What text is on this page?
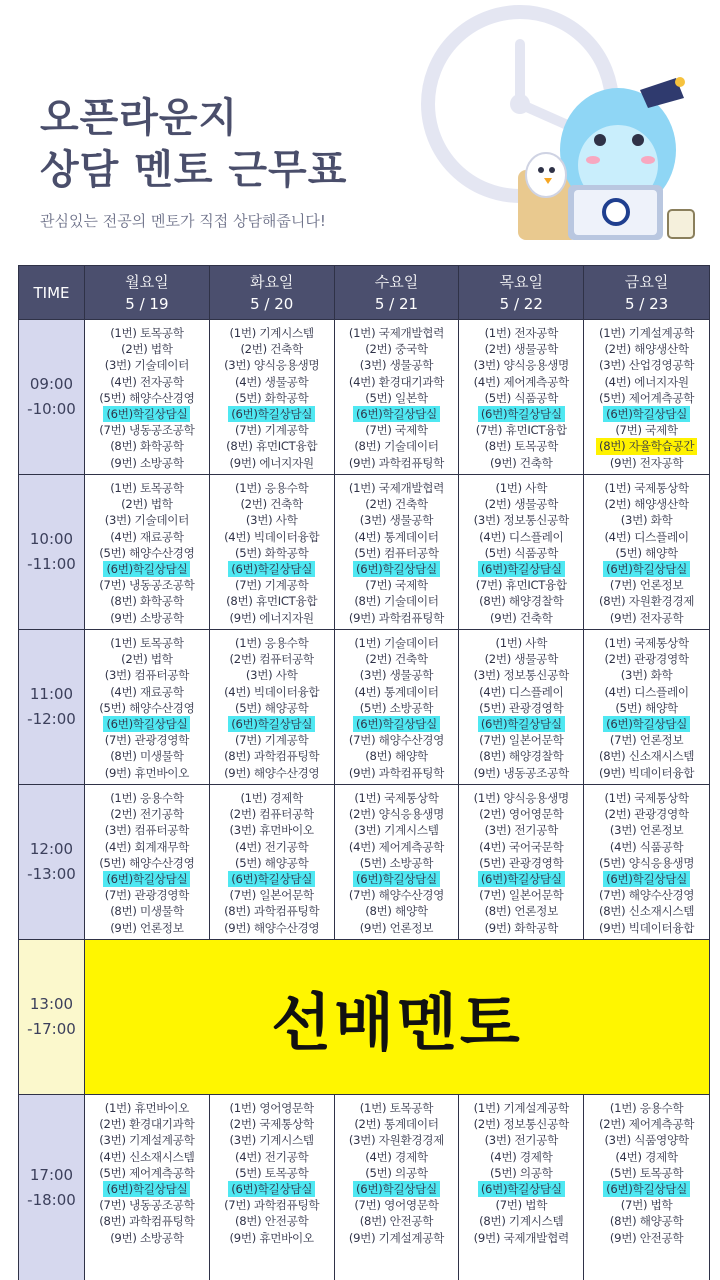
오픈라운지
상담 멘토 근무표
관심있는 전공의 멘토가 직접 상담해줍니다!
TIME
월요일
5 / 19
화요일
5 / 20
수요일
5 / 21
목요일
5 / 22
금요일
5 / 23
09:00
-10:00
(1번) 토목공학
(2번) 법학
(3번) 기술데이터
(4번) 전자공학
(5번) 해양수산경영
(6번)학길상담실
(7번) 냉동공조공학
(8번) 화학공학
(9번) 소방공학
(1번) 기계시스템
(2번) 건축학
(3번) 양식응용생명
(4번) 생물공학
(5번) 화학공학
(6번)학길상담실
(7번) 기계공학
(8번) 휴먼ICT융합
(9번) 에너지자원
(1번) 국제개발협력
(2번) 중국학
(3번) 생물공학
(4번) 환경대기과학
(5번) 일본학
(6번)학길상담실
(7번) 국제학
(8번) 기술데이터
(9번) 과학컴퓨팅학
(1번) 전자공학
(2번) 생물공학
(3번) 양식응용생명
(4번) 제어계측공학
(5번) 식품공학
(6번)학길상담실
(7번) 휴먼ICT융합
(8번) 토목공학
(9번) 건축학
(1번) 기계설계공학
(2번) 해양생산학
(3번) 산업경영공학
(4번) 에너지자원
(5번) 제어계측공학
(6번)학길상담실
(7번) 국제학
(8번) 자율학습공간
(9번) 전자공학
10:00
-11:00
(1번) 토목공학
(2번) 법학
(3번) 기술데이터
(4번) 재료공학
(5번) 해양수산경영
(6번)학길상담실
(7번) 냉동공조공학
(8번) 화학공학
(9번) 소방공학
(1번) 응용수학
(2번) 건축학
(3번) 사학
(4번) 빅데이터융합
(5번) 화학공학
(6번)학길상담실
(7번) 기계공학
(8번) 휴먼ICT융합
(9번) 에너지자원
(1번) 국제개발협력
(2번) 건축학
(3번) 생물공학
(4번) 통계데이터
(5번) 컴퓨터공학
(6번)학길상담실
(7번) 국제학
(8번) 기술데이터
(9번) 과학컴퓨팅학
(1번) 사학
(2번) 생물공학
(3번) 정보통신공학
(4번) 디스플레이
(5번) 식품공학
(6번)학길상담실
(7번) 휴먼ICT융합
(8번) 해양경찰학
(9번) 건축학
(1번) 국제통상학
(2번) 해양생산학
(3번) 화학
(4번) 디스플레이
(5번) 해양학
(6번)학길상담실
(7번) 언론정보
(8번) 자원환경경제
(9번) 전자공학
11:00
-12:00
(1번) 토목공학
(2번) 법학
(3번) 컴퓨터공학
(4번) 재료공학
(5번) 해양수산경영
(6번)학길상담실
(7번) 관광경영학
(8번) 미생물학
(9번) 휴먼바이오
(1번) 응용수학
(2번) 컴퓨터공학
(3번) 사학
(4번) 빅데이터융합
(5번) 해양공학
(6번)학길상담실
(7번) 기계공학
(8번) 과학컴퓨팅학
(9번) 해양수산경영
(1번) 기술데이터
(2번) 건축학
(3번) 생물공학
(4번) 통계데이터
(5번) 소방공학
(6번)학길상담실
(7번) 해양수산경영
(8번) 해양학
(9번) 과학컴퓨팅학
(1번) 사학
(2번) 생물공학
(3번) 정보통신공학
(4번) 디스플레이
(5번) 관광경영학
(6번)학길상담실
(7번) 일본어문학
(8번) 해양경찰학
(9번) 냉동공조공학
(1번) 국제통상학
(2번) 관광경영학
(3번) 화학
(4번) 디스플레이
(5번) 해양학
(6번)학길상담실
(7번) 언론정보
(8번) 신소재시스템
(9번) 빅데이터융합
12:00
-13:00
(1번) 응용수학
(2번) 전기공학
(3번) 컴퓨터공학
(4번) 회계재무학
(5번) 해양수산경영
(6번)학길상담실
(7번) 관광경영학
(8번) 미생물학
(9번) 언론정보
(1번) 경제학
(2번) 컴퓨터공학
(3번) 휴먼바이오
(4번) 전기공학
(5번) 해양공학
(6번)학길상담실
(7번) 일본어문학
(8번) 과학컴퓨팅학
(9번) 해양수산경영
(1번) 국제통상학
(2번) 양식응용생명
(3번) 기계시스템
(4번) 제어계측공학
(5번) 소방공학
(6번)학길상담실
(7번) 해양수산경영
(8번) 해양학
(9번) 언론정보
(1번) 양식응용생명
(2번) 영어영문학
(3번) 전기공학
(4번) 국어국문학
(5번) 관광경영학
(6번)학길상담실
(7번) 일본어문학
(8번) 언론정보
(9번) 화학공학
(1번) 국제통상학
(2번) 관광경영학
(3번) 언론정보
(4번) 식품공학
(5번) 양식응용생명
(6번)학길상담실
(7번) 해양수산경영
(8번) 신소재시스템
(9번) 빅데이터융합
13:00
-17:00	선배멘토
17:00
-18:00
(1번) 휴먼바이오
(2번) 환경대기과학
(3번) 기계설계공학
(4번) 신소재시스템
(5번) 제어계측공학
(6번)학길상담실
(7번) 냉동공조공학
(8번) 과학컴퓨팅학
(9번) 소방공학
(1번) 영어영문학
(2번) 국제통상학
(3번) 기계시스템
(4번) 전기공학
(5번) 토목공학
(6번)학길상담실
(7번) 과학컴퓨팅학
(8번) 안전공학
(9번) 휴먼바이오
(1번) 토목공학
(2번) 통계데이터
(3번) 자원환경경제
(4번) 경제학
(5번) 의공학
(6번)학길상담실
(7번) 영어영문학
(8번) 안전공학
(9번) 기계설계공학
(1번) 기계설계공학
(2번) 정보통신공학
(3번) 전기공학
(4번) 경제학
(5번) 의공학
(6번)학길상담실
(7번) 법학
(8번) 기계시스템
(9번) 국제개발협력
(1번) 응용수학
(2번) 제어계측공학
(3번) 식품영양학
(4번) 경제학
(5번) 토목공학
(6번)학길상담실
(7번) 법학
(8번) 해양공학
(9번) 안전공학
